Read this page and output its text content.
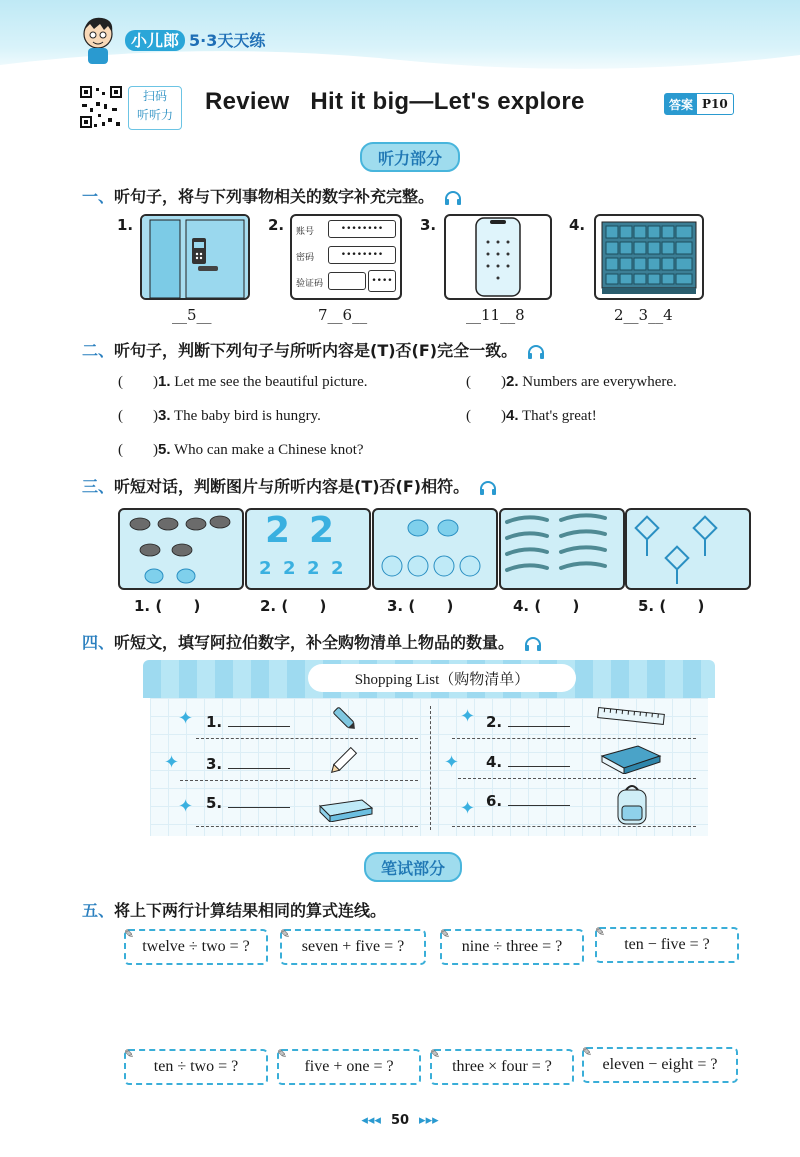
小儿郎 5·3天天练
扫码
听听力	Review   Hit it big—Let's explore	答案 P10
听力部分
一、听句子，将与下列事物相关的数字补充完整。
1.
__5__
2. 账号	••••••••
密码	••••••••
验证码	••••
7__6__
3.
__11__8
4.
2__3__4
二、听句子，判断下列句子与所听内容是(T)否(F)完全一致。
(        )1. Let me see the beautiful picture.	(        )2. Numbers are everywhere.
(        )3. The baby bird is hungry.	(        )4. That's great!
(        )5. Who can make a Chinese knot?
三、听短对话，判断图片与所听内容是(T)否(F)相符。
2 2
2 2 2 2
1. (      )	2. (      )	3. (      )	4. (      )	5. (      )
四、听短文，填写阿拉伯数字，补全购物清单上物品的数量。
Shopping List（购物清单）
✦ 1.	✦ 2.
✦ 3.	✦ 4.
✦ 5.	✦ 6.
笔试部分
五、将上下两行计算结果相同的算式连线。
✎
twelve ÷ two = ?
✎
seven + five = ?
✎
nine ÷ three = ?
✎
ten − five = ?
✎
ten ÷ two = ?
✎
five + one = ?
✎
three × four = ?
✎
eleven − eight = ?
◂◂◂ 50 ▸▸▸
